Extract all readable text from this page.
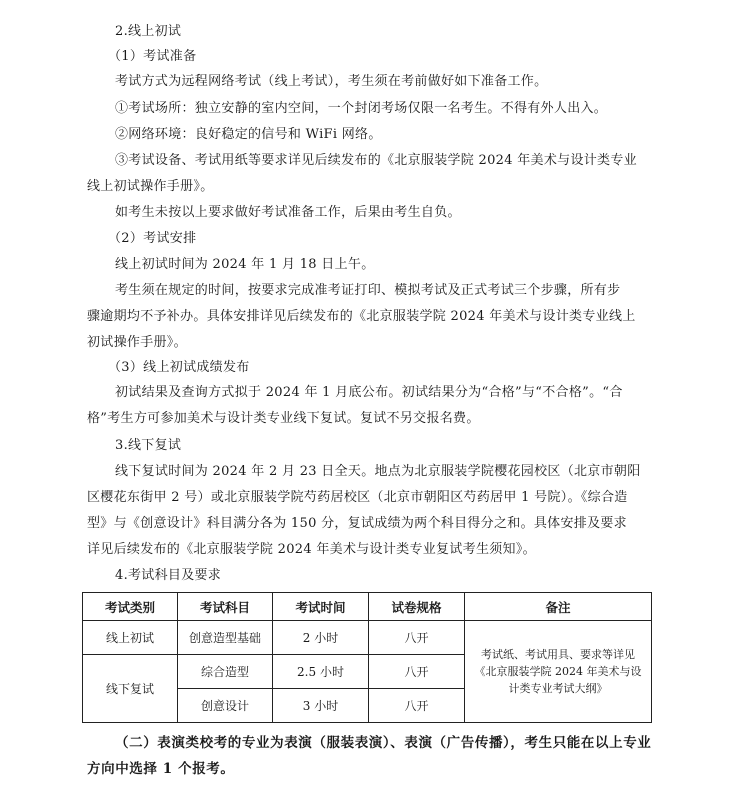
2.线上初试
（1）考试准备
考试方式为远程网络考试（线上考试），考生须在考前做好如下准备工作。
①考试场所：独立安静的室内空间，一个封闭考场仅限一名考生。不得有外人出入。
②网络环境：良好稳定的信号和 WiFi 网络。
③考试设备、考试用纸等要求详见后续发布的《北京服装学院 2024 年美术与设计类专业
线上初试操作手册》。
如考生未按以上要求做好考试准备工作，后果由考生自负。
（2）考试安排
线上初试时间为 2024 年 1 月 18 日上午。
考生须在规定的时间，按要求完成准考证打印、模拟考试及正式考试三个步骤，所有步
骤逾期均不予补办。具体安排详见后续发布的《北京服装学院 2024 年美术与设计类专业线上
初试操作手册》。
（3）线上初试成绩发布
初试结果及查询方式拟于 2024 年 1 月底公布。初试结果分为“合格”与“不合格”。“合
格”考生方可参加美术与设计类专业线下复试。复试不另交报名费。
3.线下复试
线下复试时间为 2024 年 2 月 23 日全天。地点为北京服装学院樱花园校区（北京市朝阳
区樱花东街甲 2 号）或北京服装学院芍药居校区（北京市朝阳区芍药居甲 1 号院）。《综合造
型》与《创意设计》科目满分各为 150 分，复试成绩为两个科目得分之和。具体安排及要求
详见后续发布的《北京服装学院 2024 年美术与设计类专业复试考生须知》。
4.考试科目及要求
考试类别	考试科目	考试时间	试卷规格	备注
线上初试	创意造型基础	2 小时	八开	考试纸、考试用具、要求等详见《北京服装学院 2024 年美术与设计类专业考试大纲》
线下复试	综合造型	2.5 小时	八开	
	创意设计	3 小时	八开	
（二）表演类校考的专业为表演（服装表演）、表演（广告传播），考生只能在以上专业
方向中选择 1 个报考。
